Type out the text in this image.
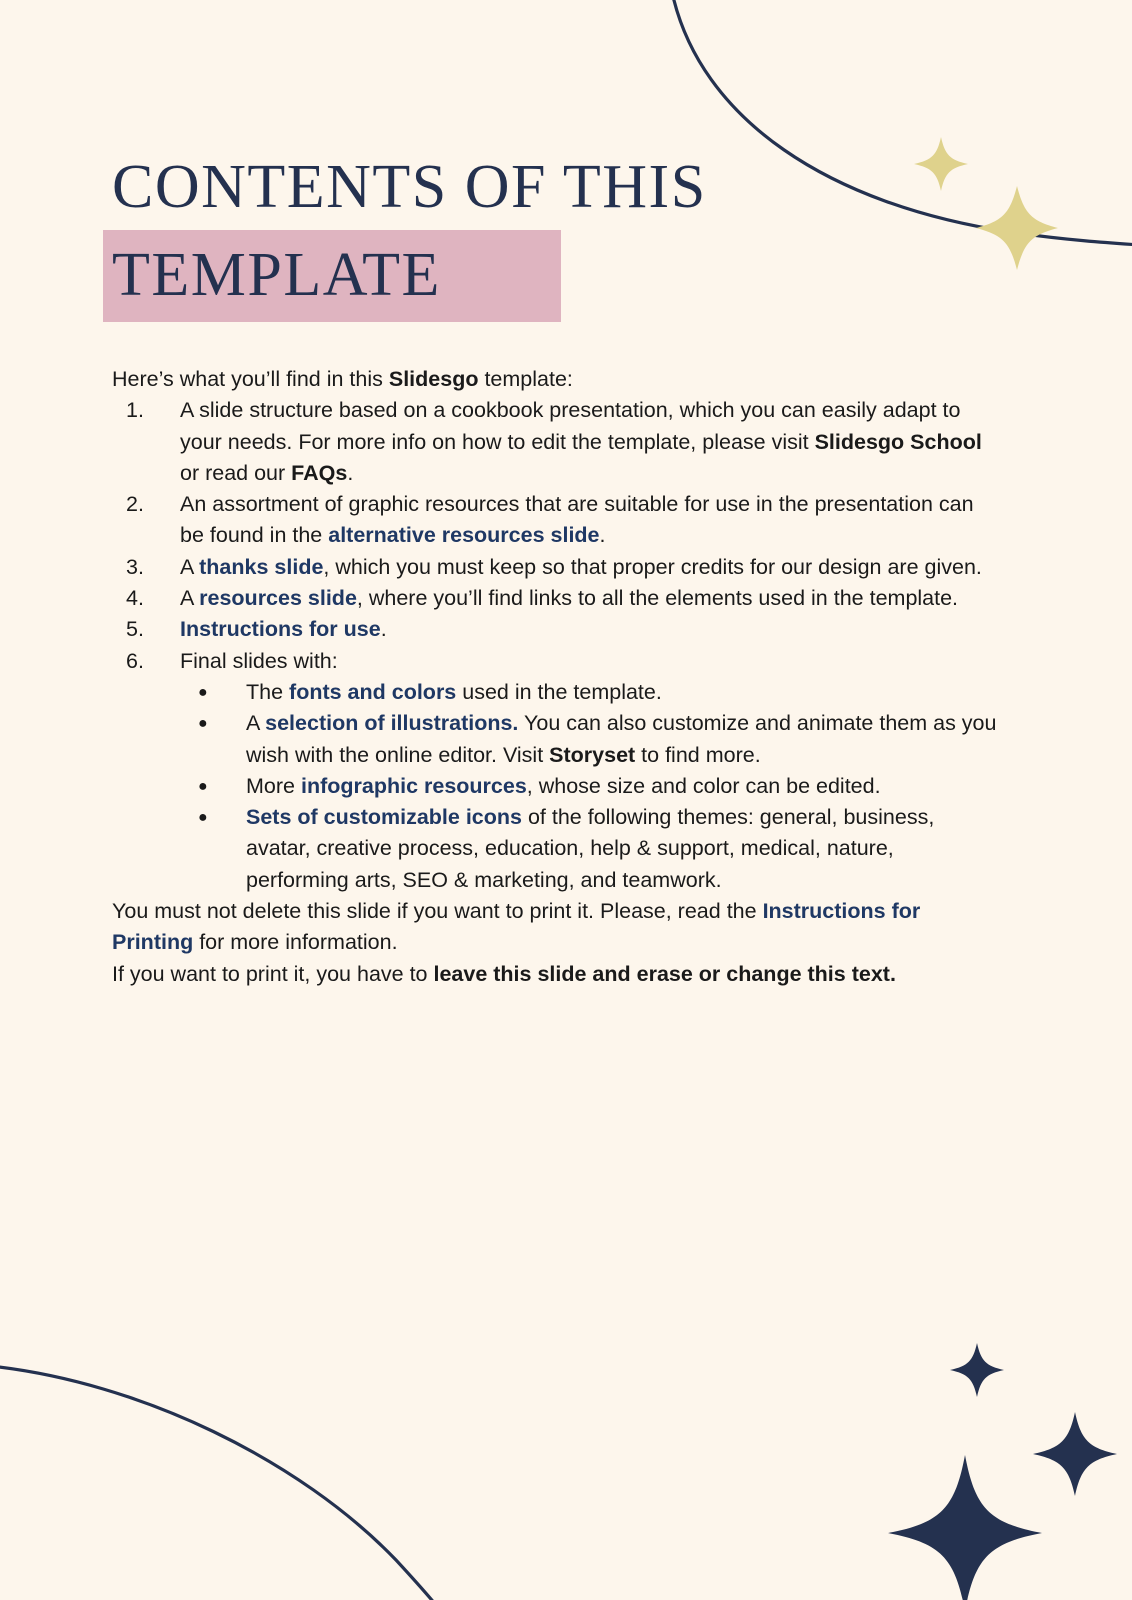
CONTENTS OF THIS
TEMPLATE

Here’s what you’ll find in this Slidesgo template:

1.	A slide structure based on a cookbook presentation, which you can easily adapt to your needs. For more info on how to edit the template, please visit Slidesgo School or read our FAQs.
2.	An assortment of graphic resources that are suitable for use in the presentation can be found in the alternative resources slide.
3.	A thanks slide, which you must keep so that proper credits for our design are given.
4.	A resources slide, where you’ll find links to all the elements used in the template.
5.	Instructions for use.
6.	Final slides with:
● The fonts and colors used in the template.
● A selection of illustrations. You can also customize and animate them as you wish with the online editor. Visit Storyset to find more.
● More infographic resources, whose size and color can be edited.
● Sets of customizable icons of the following themes: general, business, avatar, creative process, education, help & support, medical, nature, performing arts, SEO & marketing, and teamwork.

You must not delete this slide if you want to print it. Please, read the Instructions for Printing for more information.

If you want to print it, you have to leave this slide and erase or change this text.
